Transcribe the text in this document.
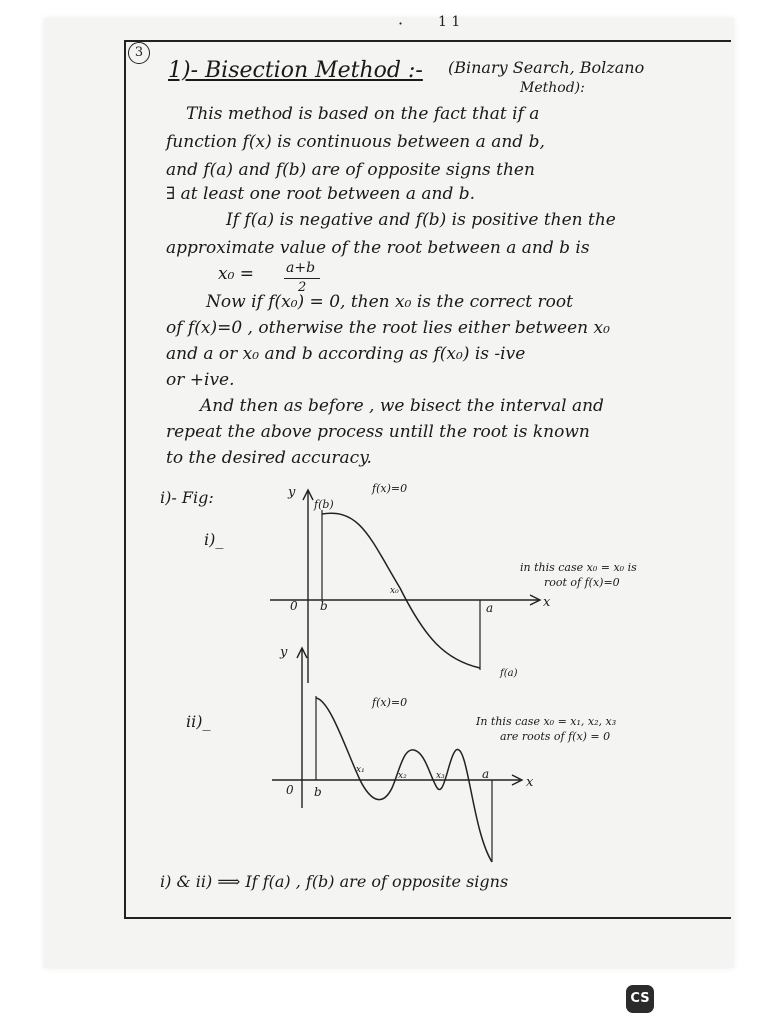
· 1 1
3
1)- Bisection Method :- (Binary Search, Bolzano
Method):
This method is based on the fact that if a
function f(x) is continuous between a and b,
and f(a) and f(b) are of opposite signs then
∃ at least one root between a and b.
If f(a) is negative and f(b) is positive then the
approximate value of the root between a and b is
x₀ = a+b
2
Now if f(x₀) = 0, then x₀ is the correct root
of f(x)=0 , otherwise the root lies either between x₀
and a or x₀ and b according as f(x₀) is -ive
or +ive.
And then as before , we bisect the interval and
repeat the above process untill the root is known
to the desired accuracy.
i)- Fig:
i)_
ii)_
y
f(b)
f(x)=0
x₀
0 b	a	x
f(a)
in this case x₀ = x₀ is
root of f(x)=0
y
f(x)=0
x₁
x₂	x₃
0 b
a
x
In this case x₀ = x₁, x₂, x₃
are roots of f(x) = 0
i) & ii) ⟹ If f(a) , f(b) are of opposite signs
CS
